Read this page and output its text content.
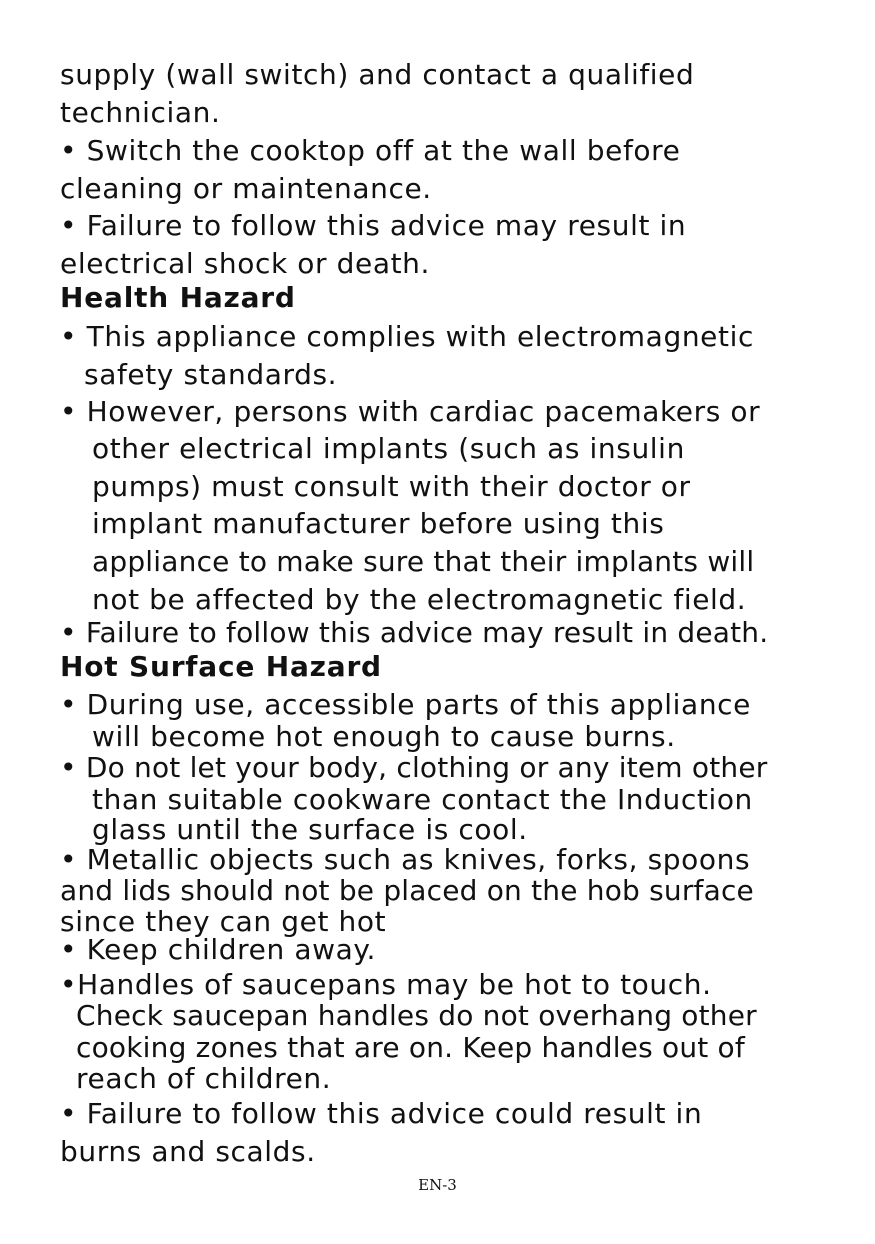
supply (wall switch) and contact a qualified
technician.
• Switch the cooktop off at the wall before
cleaning or maintenance.
• Failure to follow this advice may result in
electrical shock or death.
Health Hazard
• This appliance complies with electromagnetic
safety standards.
• However, persons with cardiac pacemakers or
other electrical implants (such as insulin
pumps) must consult with their doctor or
implant manufacturer before using this
appliance to make sure that their implants will
not be affected by the electromagnetic field.
• Failure to follow this advice may result in death.
Hot Surface Hazard
• During use, accessible parts of this appliance
will become hot enough to cause burns.
• Do not let your body, clothing or any item other
than suitable cookware contact the Induction
glass until the surface is cool.
• Metallic objects such as knives, forks, spoons
and lids should not be placed on the hob surface
since they can get hot
• Keep children away.
•Handles of saucepans may be hot to touch.
Check saucepan handles do not overhang other
cooking zones that are on. Keep handles out of
reach of children.
• Failure to follow this advice could result in
burns and scalds.
EN-3
